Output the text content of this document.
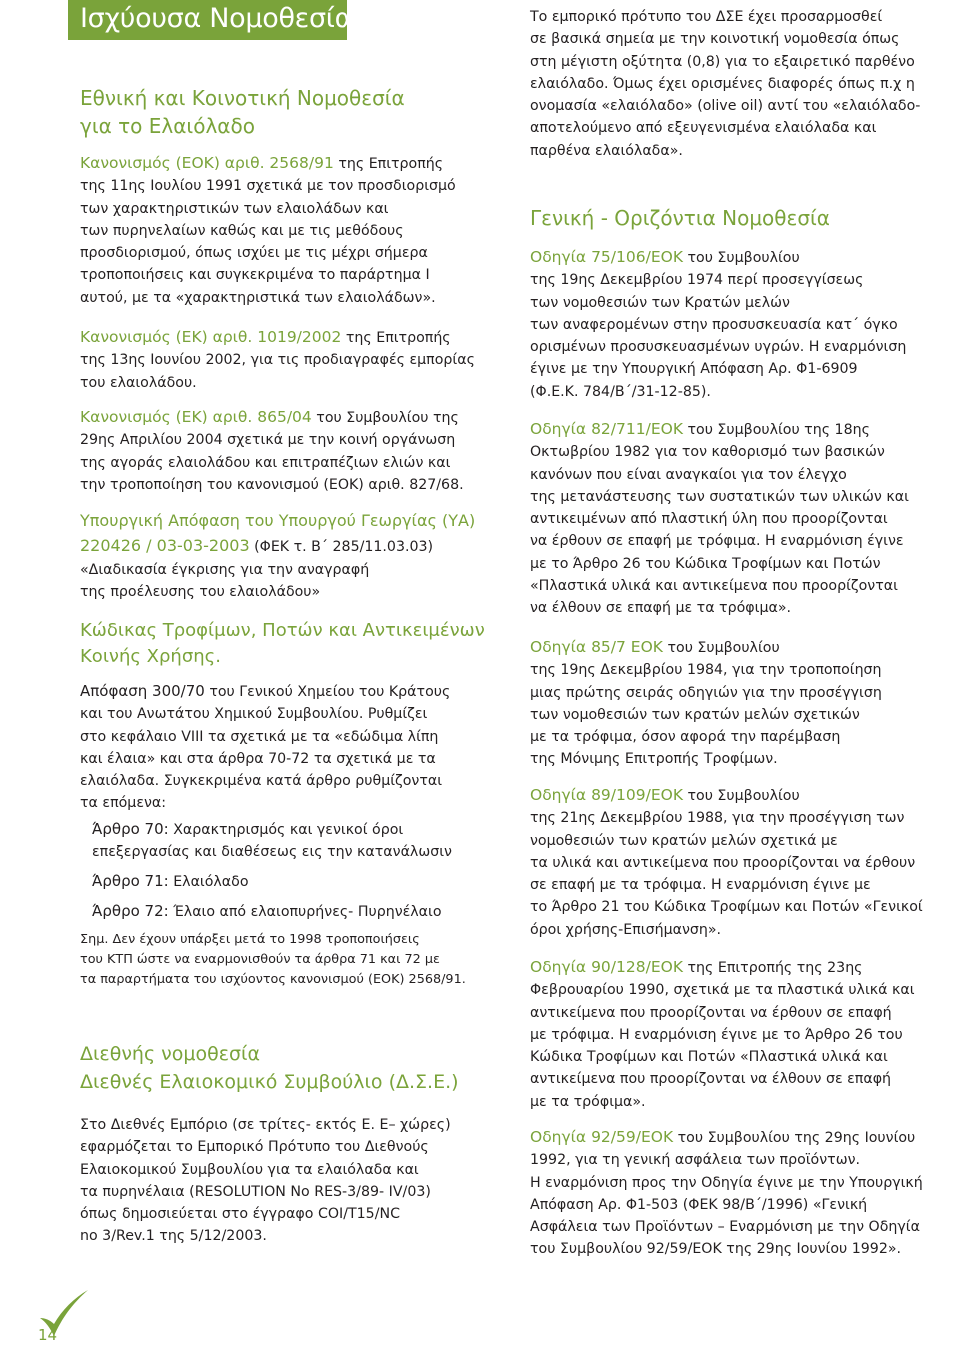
Ισχύουσα Νομοθεσία
Εθνική και Κοινοτική Νομοθεσία
για το Ελαιόλαδο
Κανονισμός (ΕΟΚ) αριθ. 2568/91 της Επιτροπής
της 11ης Ιουλίου 1991 σχετικά με τον προσδιορισμό
των χαρακτηριστικών των ελαιολάδων και
των πυρηνελαίων καθώς και με τις μεθόδους
προσδιορισμού, όπως ισχύει με τις μέχρι σήμερα
τροποποιήσεις και συγκεκριμένα το παράρτημα Ι
αυτού, με τα «χαρακτηριστικά των ελαιολάδων».
Κανονισμός (ΕΚ) αριθ. 1019/2002 της Επιτροπής
της 13ης Ιουνίου 2002, για τις προδιαγραφές εμπορίας
του ελαιολάδου.
Κανονισμός (ΕΚ) αριθ. 865/04 του Συμβουλίου της
29ης Απριλίου 2004 σχετικά με την κοινή οργάνωση
της αγοράς ελαιολάδου και επιτραπέζιων ελιών και
την τροποποίηση του κανονισμού (ΕΟΚ) αριθ. 827/68.
Υπουργική Απόφαση του Υπουργού Γεωργίας (ΥΑ)
220426 / 03-03-2003 (ΦΕΚ τ. Β΄ 285/11.03.03)
«Διαδικασία έγκρισης για την αναγραφή
της προέλευσης του ελαιολάδου»
Κώδικας Τροφίμων, Ποτών και Αντικειμένων
Κοινής Χρήσης.
Απόφαση 300/70 του Γενικού Χημείου του Κράτους
και του Ανωτάτου Χημικού Συμβουλίου. Ρυθμίζει
στο κεφάλαιο VIII τα σχετικά με τα «εδώδιμα λίπη
και έλαια» και στα άρθρα 70-72 τα σχετικά με τα
ελαιόλαδα. Συγκεκριμένα κατά άρθρο ρυθμίζονται
τα επόμενα:
Άρθρο 70: Χαρακτηρισμός και γενικοί όροι
επεξεργασίας και διαθέσεως εις την κατανάλωσιν
Άρθρο 71: Ελαιόλαδο
Άρθρο 72: Έλαιο από ελαιοπυρήνες- Πυρηνέλαιο
Σημ. Δεν έχουν υπάρξει μετά το 1998 τροποποιήσεις
του ΚΤΠ ώστε να εναρμονισθούν τα άρθρα 71 και 72 με
τα παραρτήματα του ισχύοντος κανονισμού (ΕΟΚ) 2568/91.
Διεθνής νομοθεσία
Διεθνές Ελαιοκομικό Συμβούλιο (Δ.Σ.Ε.)
Στο Διεθνές Εμπόριο (σε τρίτες- εκτός Ε. Ε– χώρες)
εφαρμόζεται το Εμπορικό Πρότυπο του Διεθνούς
Ελαιοκομικού Συμβουλίου για τα ελαιόλαδα και
τα πυρηνέλαια (RESOLUTION No RES-3/89- IV/03)
όπως δημοσιεύεται στο έγγραφο COI/T15/NC
no 3/Rev.1 της 5/12/2003.
Το εμπορικό πρότυπο του ΔΣΕ έχει προσαρμοσθεί
σε βασικά σημεία με την κοινοτική νομοθεσία όπως
στη μέγιστη οξύτητα (0,8) για το εξαιρετικό παρθένο
ελαιόλαδο. Όμως έχει ορισμένες διαφορές όπως π.χ η
ονομασία «ελαιόλαδο» (olive oil) αντί του «ελαιόλαδο-
αποτελούμενο από εξευγενισμένα ελαιόλαδα και
παρθένα ελαιόλαδα».
Γενική - Οριζόντια Νομοθεσία
Οδηγία 75/106/ΕΟΚ του Συμβουλίου
της 19ης Δεκεμβρίου 1974 περί προσεγγίσεως
των νομοθεσιών των Κρατών μελών
των αναφερομένων στην προσυσκευασία κατ΄ όγκο
ορισμένων προσυσκευασμένων υγρών. Η εναρμόνιση
έγινε με την Υπουργική Απόφαση Αρ. Φ1-6909
(Φ.Ε.Κ. 784/Β΄/31-12-85).
Οδηγία 82/711/ΕΟΚ του Συμβουλίου της 18ης
Οκτωβρίου 1982 για τον καθορισμό των βασικών
κανόνων που είναι αναγκαίοι για τον έλεγχο
της μετανάστευσης των συστατικών των υλικών και
αντικειμένων από πλαστική ύλη που προορίζονται
να έρθουν σε επαφή με τρόφιμα. Η εναρμόνιση έγινε
με το Άρθρο 26 του Κώδικα Τροφίμων και Ποτών
«Πλαστικά υλικά και αντικείμενα που προορίζονται
να έλθουν σε επαφή με τα τρόφιμα».
Οδηγία 85/7 ΕΟΚ του Συμβουλίου
της 19ης Δεκεμβρίου 1984, για την τροποποίηση
μιας πρώτης σειράς οδηγιών για την προσέγγιση
των νομοθεσιών των κρατών μελών σχετικών
με τα τρόφιμα, όσον αφορά την παρέμβαση
της Μόνιμης Επιτροπής Τροφίμων.
Οδηγία 89/109/ΕΟΚ του Συμβουλίου
της 21ης Δεκεμβρίου 1988, για την προσέγγιση των
νομοθεσιών των κρατών μελών σχετικά με
τα υλικά και αντικείμενα που προορίζονται να έρθουν
σε επαφή με τα τρόφιμα. Η εναρμόνιση έγινε με
το Άρθρο 21 του Κώδικα Τροφίμων και Ποτών «Γενικοί
όροι χρήσης-Επισήμανση».
Οδηγία 90/128/ΕΟΚ της Επιτροπής της 23ης
Φεβρουαρίου 1990, σχετικά με τα πλαστικά υλικά και
αντικείμενα που προορίζονται να έρθουν σε επαφή
με τρόφιμα. Η εναρμόνιση έγινε με το Άρθρο 26 του
Κώδικα Τροφίμων και Ποτών «Πλαστικά υλικά και
αντικείμενα που προορίζονται να έλθουν σε επαφή
με τα τρόφιμα».
Οδηγία 92/59/ΕΟΚ του Συμβουλίου της 29ης Ιουνίου
1992, για τη γενική ασφάλεια των προϊόντων.
Η εναρμόνιση προς την Οδηγία έγινε με την Υπουργική
Απόφαση Αρ. Φ1-503 (ΦΕΚ 98/Β΄/1996) «Γενική
Ασφάλεια των Προϊόντων – Εναρμόνιση με την Οδηγία
του Συμβουλίου 92/59/ΕΟΚ της 29ης Ιουνίου 1992».
14
